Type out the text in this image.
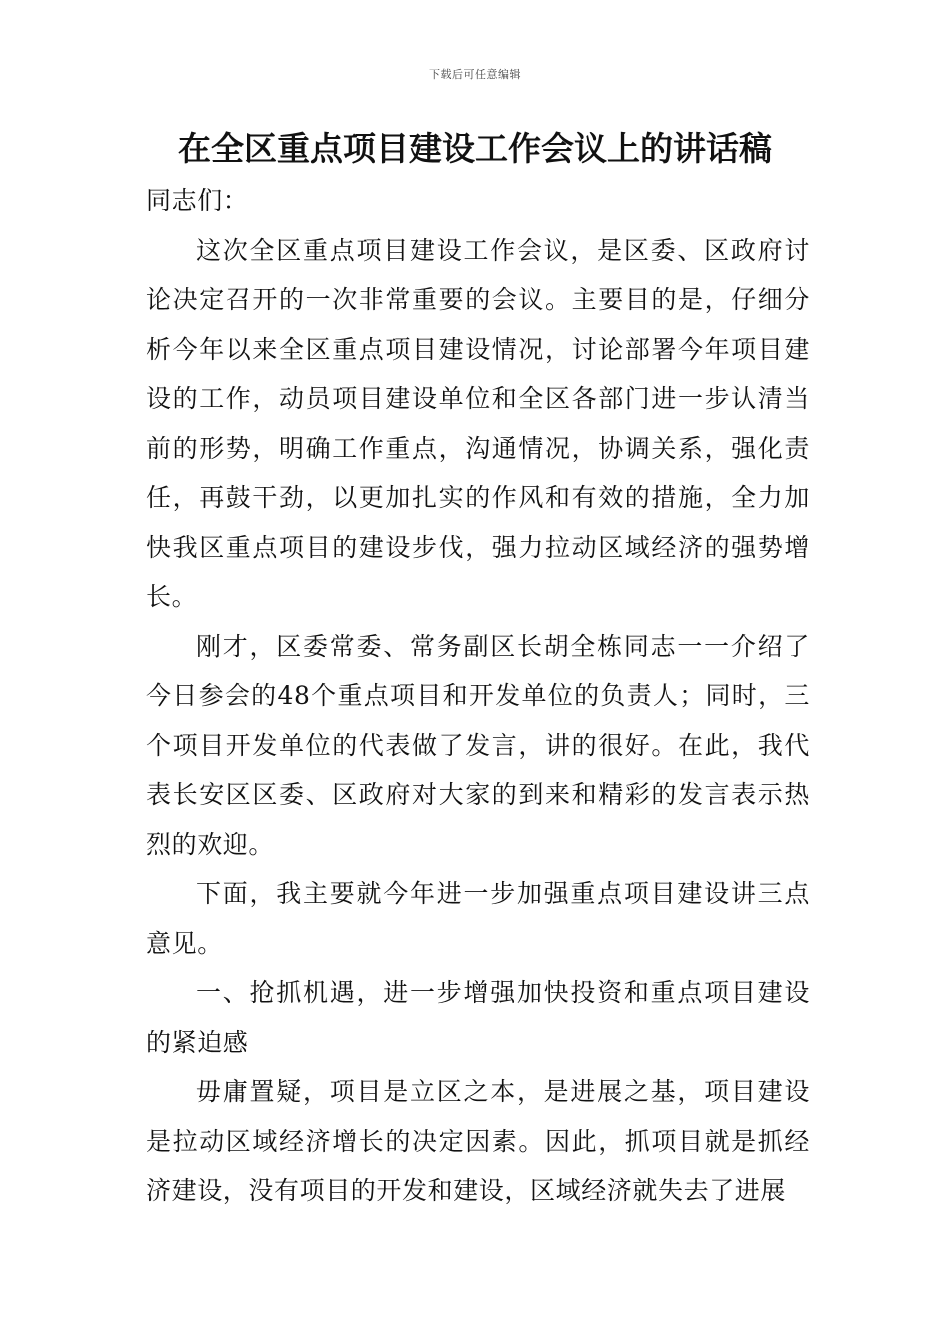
下载后可任意编辑
在全区重点项目建设工作会议上的讲话稿

同志们：

这次全区重点项目建设工作会议，是区委、区政府讨论决定召开的一次非常重要的会议。主要目的是，仔细分析今年以来全区重点项目建设情况，讨论部署今年项目建设的工作，动员项目建设单位和全区各部门进一步认清当前的形势，明确工作重点，沟通情况，协调关系，强化责任，再鼓干劲，以更加扎实的作风和有效的措施，全力加快我区重点项目的建设步伐，强力拉动区域经济的强势增长。

刚才，区委常委、常务副区长胡全栋同志一一介绍了今日参会的48个重点项目和开发单位的负责人；同时，三个项目开发单位的代表做了发言，讲的很好。在此，我代表长安区区委、区政府对大家的到来和精彩的发言表示热烈的欢迎。

下面，我主要就今年进一步加强重点项目建设讲三点意见。

一、抢抓机遇，进一步增强加快投资和重点项目建设的紧迫感

毋庸置疑，项目是立区之本，是进展之基，项目建设是拉动区域经济增长的决定因素。因此，抓项目就是抓经济建设，没有项目的开发和建设，区域经济就失去了进展
